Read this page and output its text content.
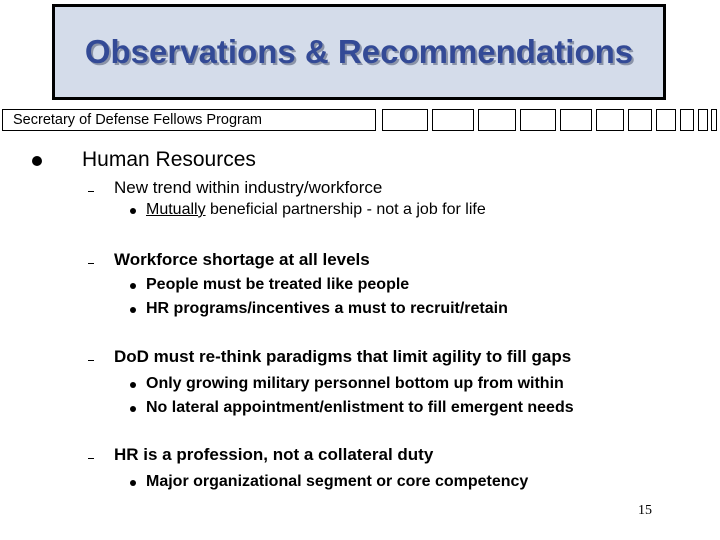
Observations & Recommendations
Secretary of Defense Fellows Program
Human Resources
New trend within industry/workforce
Mutually beneficial partnership - not a job for life
Workforce shortage at all levels
People must be treated like people
HR programs/incentives a must to recruit/retain
DoD must re-think paradigms that limit agility to fill gaps
Only growing military personnel bottom up from within
No lateral appointment/enlistment to fill emergent needs
HR is a profession, not a collateral duty
Major organizational segment or core competency
15
